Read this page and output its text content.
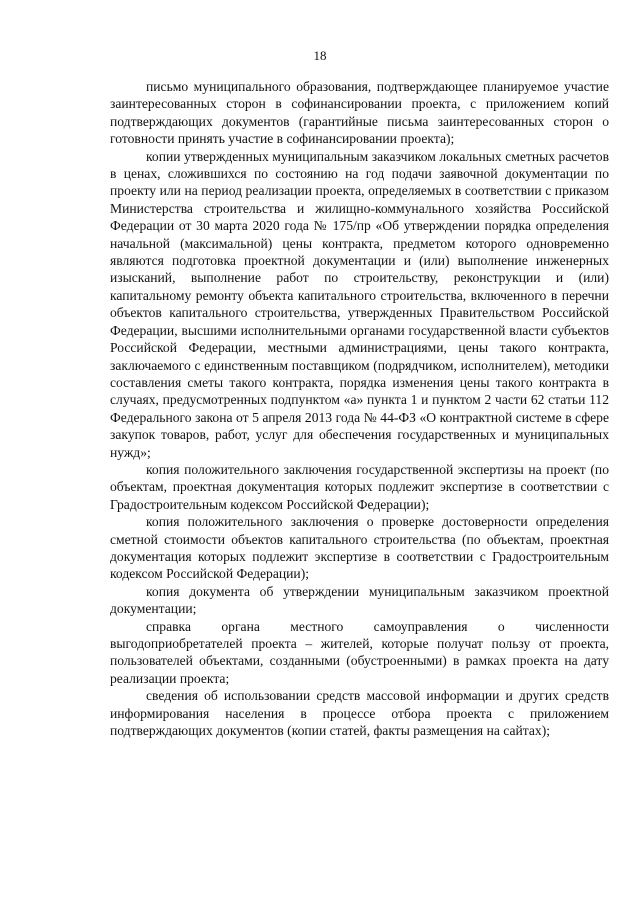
18

письмо муниципального образования, подтверждающее планируемое участие заинтересованных сторон в софинансировании проекта, с приложением копий подтверждающих документов (гарантийные письма заинтересованных сторон о готовности принять участие в софинансировании проекта);

копии утвержденных муниципальным заказчиком локальных сметных расчетов в ценах, сложившихся по состоянию на год подачи заявочной документации по проекту или на период реализации проекта, определяемых в соответствии с приказом Министерства строительства и жилищно-коммунального хозяйства Российской Федерации от 30 марта 2020 года № 175/пр «Об утверждении порядка определения начальной (максимальной) цены контракта, предметом которого одновременно являются подготовка проектной документации и (или) выполнение инженерных изысканий, выполнение работ по строительству, реконструкции и (или) капитальному ремонту объекта капитального строительства, включенного в перечни объектов капитального строительства, утвержденных Правительством Российской Федерации, высшими исполнительными органами государственной власти субъектов Российской Федерации, местными администрациями, цены такого контракта, заключаемого с единственным поставщиком (подрядчиком, исполнителем), методики составления сметы такого контракта, порядка изменения цены такого контракта в случаях, предусмотренных подпунктом «а» пункта 1 и пунктом 2 части 62 статьи 112 Федерального закона от 5 апреля 2013 года № 44-ФЗ «О контрактной системе в сфере закупок товаров, работ, услуг для обеспечения государственных и муниципальных нужд»;

копия положительного заключения государственной экспертизы на проект (по объектам, проектная документация которых подлежит экспертизе в соответствии с Градостроительным кодексом Российской Федерации);

копия положительного заключения о проверке достоверности определения сметной стоимости объектов капитального строительства (по объектам, проектная документация которых подлежит экспертизе в соответствии с Градостроительным кодексом Российской Федерации);

копия документа об утверждении муниципальным заказчиком проектной документации;

справка органа местного самоуправления о численности выгодоприобретателей проекта – жителей, которые получат пользу от проекта, пользователей объектами, созданными (обустроенными) в рамках проекта на дату реализации проекта;

сведения об использовании средств массовой информации и других средств информирования населения в процессе отбора проекта с приложением подтверждающих документов (копии статей, факты размещения на сайтах);
